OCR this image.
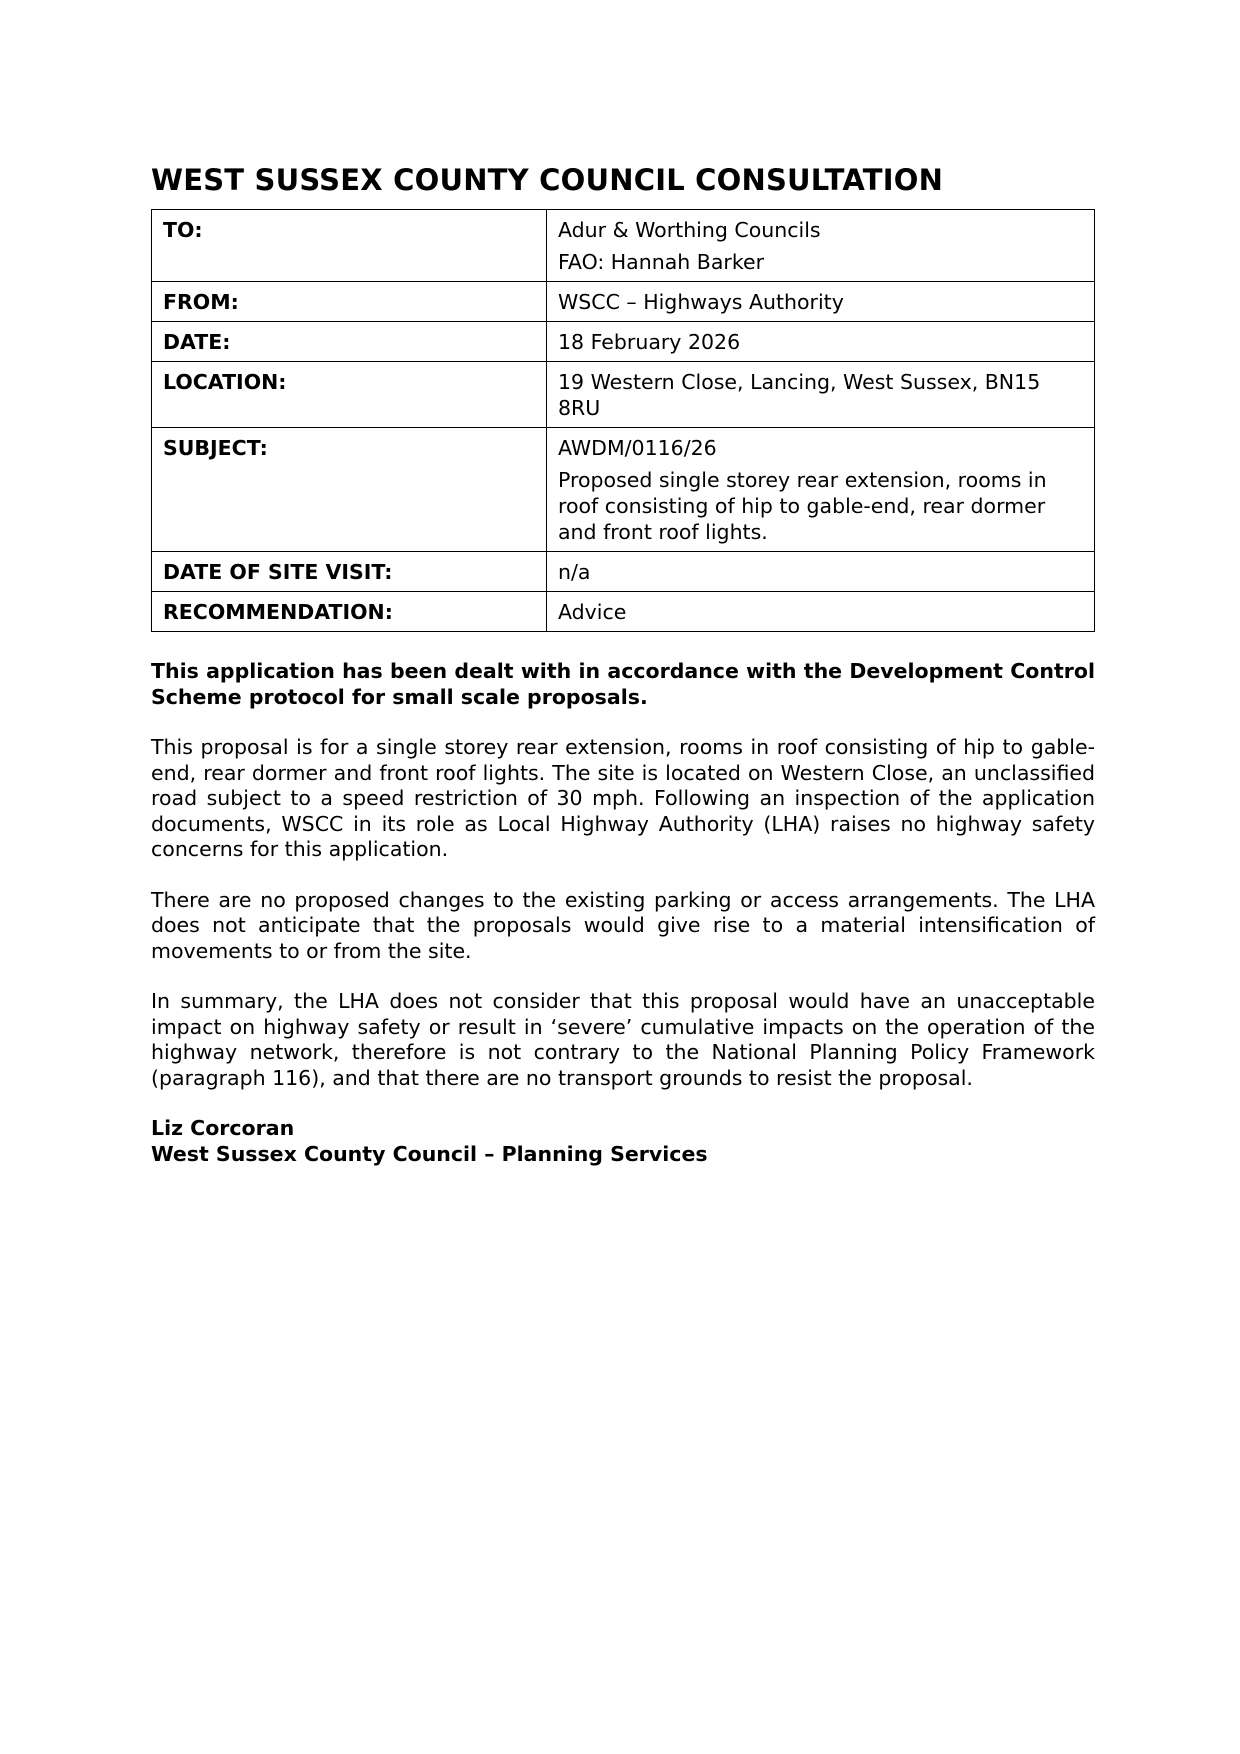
WEST SUSSEX COUNTY COUNCIL CONSULTATION
TO:	Adur & Worthing Councils
FAO: Hannah Barker

FROM:	WSCC – Highways Authority
DATE:	18 February 2026
LOCATION:	19 Western Close, Lancing, West Sussex, BN15 8RU
SUBJECT:	AWDM/0116/26
Proposed single storey rear extension, rooms in roof consisting of hip to gable-end, rear dormer and front roof lights.

DATE OF SITE VISIT:	n/a
RECOMMENDATION:	Advice

This application has been dealt with in accordance with the Development Control Scheme protocol for small scale proposals.

This proposal is for a single storey rear extension, rooms in roof consisting of hip to gable-end, rear dormer and front roof lights. The site is located on Western Close, an unclassified road subject to a speed restriction of 30 mph. Following an inspection of the application documents, WSCC in its role as Local Highway Authority (LHA) raises no highway safety concerns for this application.

There are no proposed changes to the existing parking or access arrangements. The LHA does not anticipate that the proposals would give rise to a material intensification of movements to or from the site.

In summary, the LHA does not consider that this proposal would have an unacceptable impact on highway safety or result in ‘severe’ cumulative impacts on the operation of the highway network, therefore is not contrary to the National Planning Policy Framework (paragraph 116), and that there are no transport grounds to resist the proposal.

Liz Corcoran
West Sussex County Council – Planning Services
